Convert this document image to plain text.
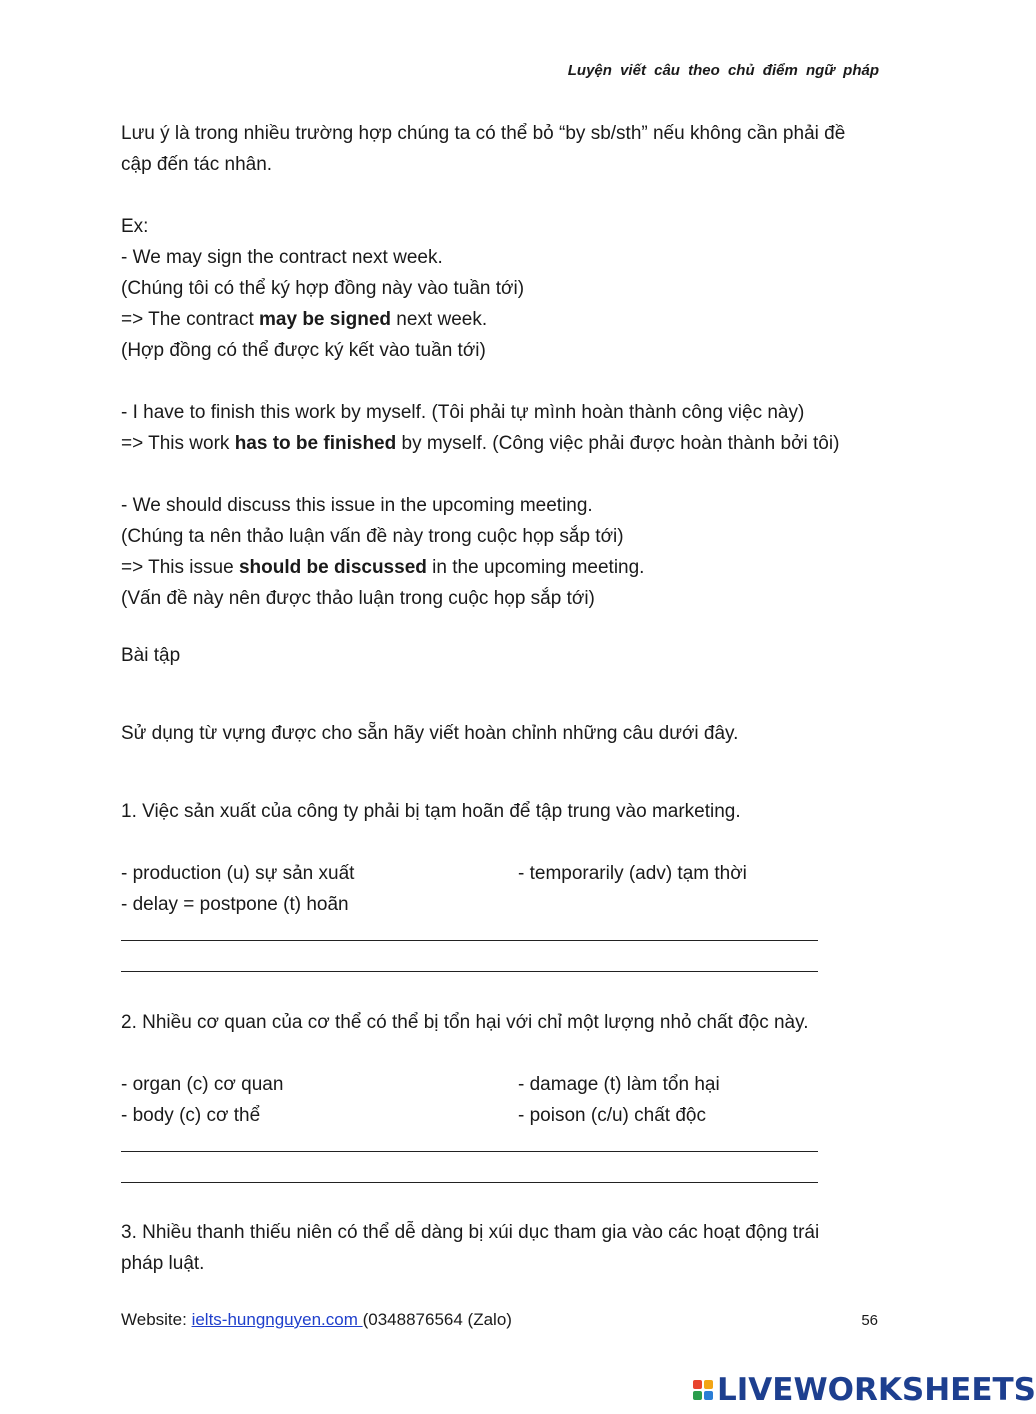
Luyện viết câu theo chủ điểm ngữ pháp

Lưu ý là trong nhiều trường hợp chúng ta có thể bỏ “by sb/sth” nếu không cần phải đề cập đến tác nhân.

Ex:
- We may sign the contract next week.
(Chúng tôi có thể ký hợp đồng này vào tuần tới)
=> The contract may be signed next week.
(Hợp đồng có thể được ký kết vào tuần tới)
- I have to finish this work by myself. (Tôi phải tự mình hoàn thành công việc này)
=> This work has to be finished by myself. (Công việc phải được hoàn thành bởi tôi)
- We should discuss this issue in the upcoming meeting.
(Chúng ta nên thảo luận vấn đề này trong cuộc họp sắp tới)
=> This issue should be discussed in the upcoming meeting.
(Vấn đề này nên được thảo luận trong cuộc họp sắp tới)
Bài tập
Sử dụng từ vựng được cho sẵn hãy viết hoàn chỉnh những câu dưới đây.
1. Việc sản xuất của công ty phải bị tạm hoãn để tập trung vào marketing.
- production (u) sự sản xuất	- temporarily (adv) tạm thời
- delay = postpone (t) hoãn
2. Nhiều cơ quan của cơ thể có thể bị tổn hại với chỉ một lượng nhỏ chất độc này.
- organ (c) cơ quan	- damage (t) làm tổn hại
- body (c) cơ thể	- poison (c/u) chất độc
3. Nhiều thanh thiếu niên có thể dễ dàng bị xúi dục tham gia vào các hoạt động trái
pháp luật.
Website: ielts-hungnguyen.com (0348876564 (Zalo)	56
LIVEWORKSHEETS
